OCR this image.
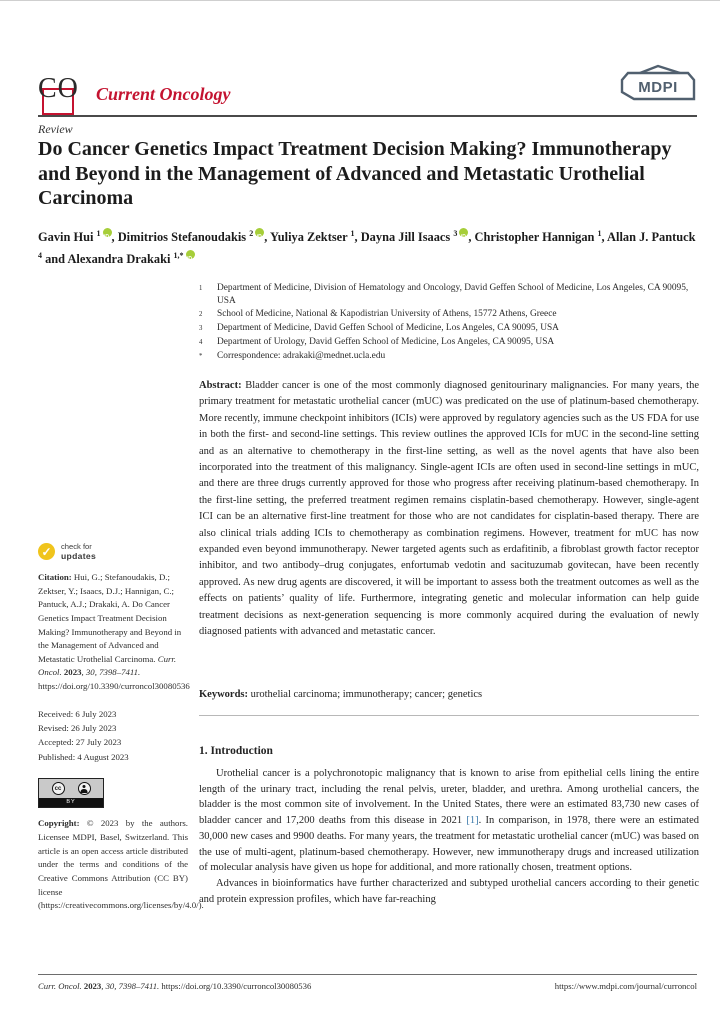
CO Current Oncology	MDPI
Review
Do Cancer Genetics Impact Treatment Decision Making? Immunotherapy and Beyond in the Management of Advanced and Metastatic Urothelial Carcinoma

Gavin Hui $^1$ iD , Dimitrios Stefanoudakis $^2$ iD , Yuliya Zektser $^1$, Dayna Jill Isaacs $^3$ iD , Christopher Hannigan $^1$, Allan J. Pantuck $^4$ and Alexandra Drakaki $^{1,*}$iD

1	Department of Medicine, Division of Hematology and Oncology, David Geffen School of Medicine, Los Angeles, CA 90095, USA
2	School of Medicine, National & Kapodistrian University of Athens, 15772 Athens, Greece
3	Department of Medicine, David Geffen School of Medicine, Los Angeles, CA 90095, USA
4	Department of Urology, David Geffen School of Medicine, Los Angeles, CA 90095, USA
*	Correspondence: adrakaki@mednet.ucla.edu
Abstract: Bladder cancer is one of the most commonly diagnosed genitourinary malignancies. For many years, the primary treatment for metastatic urothelial cancer (mUC) was predicated on the use of platinum-based chemotherapy. More recently, immune checkpoint inhibitors (ICIs) were approved by regulatory agencies such as the US FDA for use in both the first- and second-line settings. This review outlines the approved ICIs for mUC in the second-line setting and as an alternative to chemotherapy in the first-line setting, as well as the novel agents that have also been incorporated into the treatment of this malignancy. Single-agent ICIs are often used in second-line settings in mUC, and there are three drugs currently approved for those who progress after receiving platinum-based chemotherapy. In the first-line setting, the preferred treatment regimen remains cisplatin-based chemotherapy. However, single-agent ICI can be an alternative first-line treatment for those who are not candidates for cisplatin-based therapy. There are also clinical trials adding ICIs to chemotherapy as combination regimens. However, treatment for mUC has now expanded even beyond immunotherapy. Newer targeted agents such as erdafitinib, a fibroblast growth factor receptor inhibitor, and two antibody–drug conjugates, enfortumab vedotin and sacituzumab govitecan, have been recently approved. As new drug agents are discovered, it will be important to assess both the treatment outcomes as well as the effects on patients’ quality of life. Furthermore, integrating genetic and molecular information can help guide treatment decisions as next-generation sequencing is more commonly acquired during the evaluation of newly diagnosed patients with advanced and metastatic cancer.
Keywords: urothelial carcinoma; immunotherapy; cancer; genetics
1. Introduction

Urothelial cancer is a polychronotopic malignancy that is known to arise from epithelial cells lining the entire length of the urinary tract, including the renal pelvis, ureter, bladder, and urethra. Among urothelial cancers, the bladder is the most common site of involvement. In the United States, there were an estimated 83,730 new cases of bladder cancer and 17,200 deaths from this disease in 2021 [1]. In comparison, in 1978, there were an estimated 30,000 new cases and 9900 deaths. For many years, the treatment for metastatic urothelial cancer (mUC) was based on the use of multi-agent, platinum-based chemotherapy. However, new immunotherapy drugs and increased utilization of molecular analysis have given us hope for additional, and more rationally chosen, treatment options.

Advances in bioinformatics have further characterized and subtyped urothelial cancers according to their genetic and protein expression profiles, which have far-reaching

✓	check for
updates
Citation: Hui, G.; Stefanoudakis, D.; Zektser, Y.; Isaacs, D.J.; Hannigan, C.; Pantuck, A.J.; Drakaki, A. Do Cancer Genetics Impact Treatment Decision Making? Immunotherapy and Beyond in the Management of Advanced and Metastatic Urothelial Carcinoma. Curr. Oncol. 2023, 30, 7398–7411. https://doi.org/10.3390/curroncol30080536
Received: 6 July 2023
Revised: 26 July 2023
Accepted: 27 July 2023
Published: 4 August 2023
cc
BY
Copyright: © 2023 by the authors. Licensee MDPI, Basel, Switzerland. This article is an open access article distributed under the terms and conditions of the Creative Commons Attribution (CC BY) license (https://creativecommons.org/licenses/by/4.0/).
Curr. Oncol. 2023, 30, 7398–7411. https://doi.org/10.3390/curroncol30080536	https://www.mdpi.com/journal/curroncol
